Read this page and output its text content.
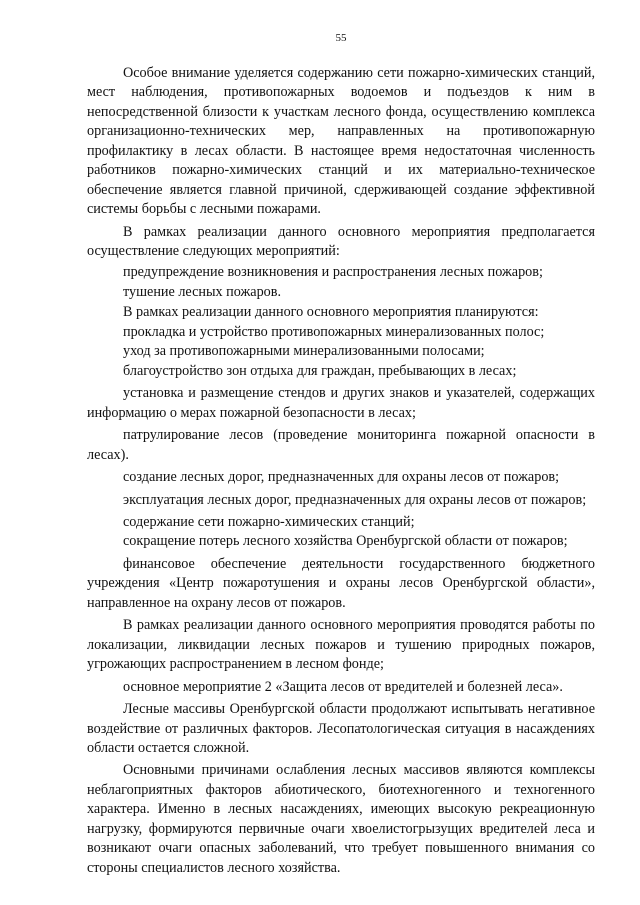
55

Особое внимание уделяется содержанию сети пожарно-химических станций, мест наблюдения, противопожарных водоемов и подъездов к ним в непосредственной близости к участкам лесного фонда, осуществлению комплекса организационно-технических мер, направленных на противопожарную профилактику в лесах области. В настоящее время недостаточная численность работников пожарно-химических станций и их материально-техническое обеспечение является главной причиной, сдерживающей создание эффективной системы борьбы с лесными пожарами.

В рамках реализации данного основного мероприятия предполагается осуществление следующих мероприятий:

предупреждение возникновения и распространения лесных пожаров;

тушение лесных пожаров.

В рамках реализации данного основного мероприятия планируются:

прокладка и устройство противопожарных минерализованных полос;

уход за противопожарными минерализованными полосами;

благоустройство зон отдыха для граждан, пребывающих в лесах;

установка и размещение стендов и других знаков и указателей, содержащих информацию о мерах пожарной безопасности в лесах;

патрулирование лесов (проведение мониторинга пожарной опасности в лесах).

создание лесных дорог, предназначенных для охраны лесов от пожаров;

эксплуатация лесных дорог, предназначенных для охраны лесов от пожаров;

содержание сети пожарно-химических станций;

сокращение потерь лесного хозяйства Оренбургской области от пожаров;

финансовое обеспечение деятельности государственного бюджетного учреждения «Центр пожаротушения и охраны лесов Оренбургской области», направленное на охрану лесов от пожаров.

В рамках реализации данного основного мероприятия проводятся работы по локализации, ликвидации лесных пожаров и тушению природных пожаров, угрожающих распространением в лесном фонде;

основное мероприятие 2 «Защита лесов от вредителей и болезней леса».

Лесные массивы Оренбургской области продолжают испытывать негативное воздействие от различных факторов. Лесопатологическая ситуация в насаждениях области остается сложной.

Основными причинами ослабления лесных массивов являются комплексы неблагоприятных факторов абиотического, биотехногенного и техногенного характера. Именно в лесных насаждениях, имеющих высокую рекреационную нагрузку, формируются первичные очаги хвоелистогрызущих вредителей леса и возникают очаги опасных заболеваний, что требует повышенного внимания со стороны специалистов лесного хозяйства.
